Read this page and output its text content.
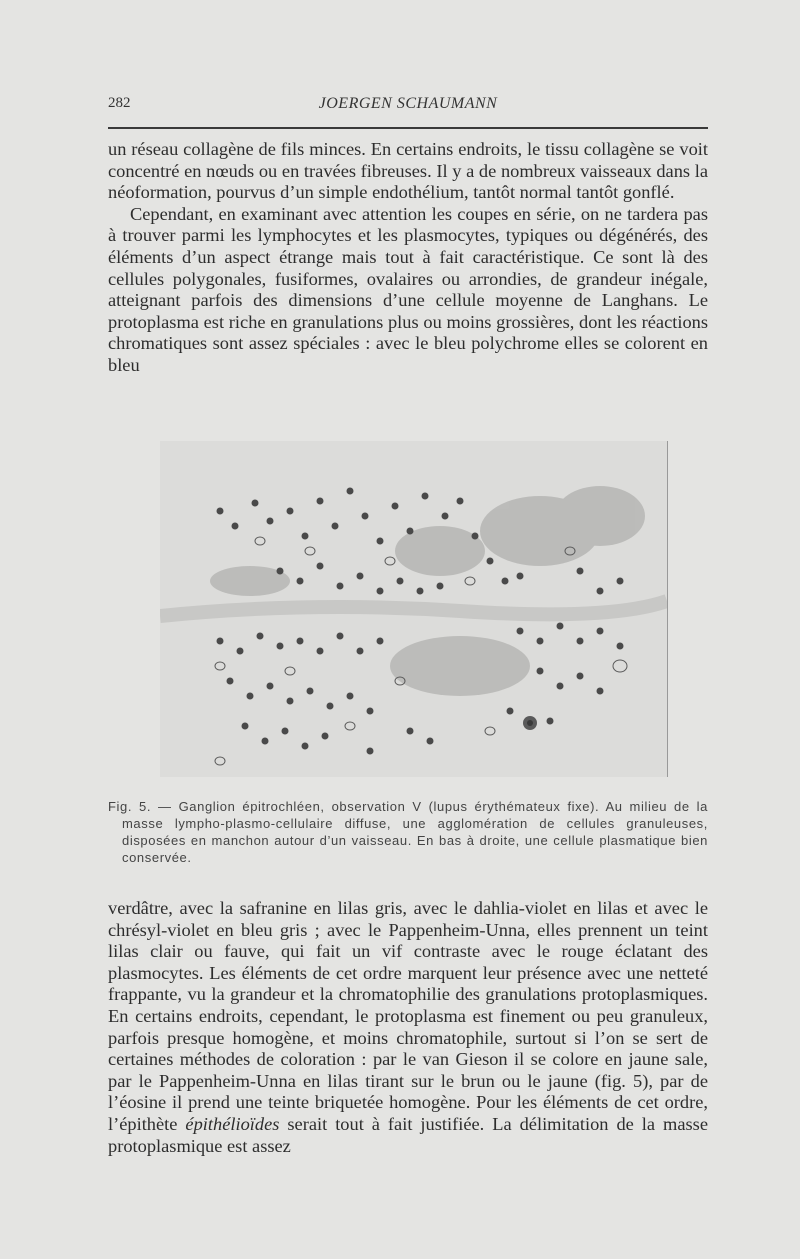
282	JOERGEN SCHAUMANN

un réseau collagène de fils minces. En certains endroits, le tissu collagène se voit concentré en nœuds ou en travées fibreuses. Il y a de nombreux vaisseaux dans la néoformation, pourvus d’un simple endothélium, tantôt normal tantôt gonflé.

Cependant, en examinant avec attention les coupes en série, on ne tardera pas à trouver parmi les lymphocytes et les plasmocytes, typiques ou dégénérés, des éléments d’un aspect étrange mais tout à fait caractéristique. Ce sont là des cellules polygonales, fusiformes, ovalaires ou arrondies, de grandeur inégale, atteignant parfois des dimensions d’une cellule moyenne de Langhans. Le protoplasma est riche en granulations plus ou moins grossières, dont les réactions chromatiques sont assez spéciales : avec le bleu polychrome elles se colorent en bleu

Fig. 5. — Ganglion épitrochléen, observation V (lupus érythémateux fixe). Au milieu de la masse lympho-plasmo-cellulaire diffuse, une agglomération de cellules granuleuses, disposées en manchon autour d’un vaisseau. En bas à droite, une cellule plasmatique bien conservée.

verdâtre, avec la safranine en lilas gris, avec le dahlia-violet en lilas et avec le chrésyl-violet en bleu gris ; avec le Pappenheim-Unna, elles prennent un teint lilas clair ou fauve, qui fait un vif contraste avec le rouge éclatant des plasmocytes. Les éléments de cet ordre marquent leur présence avec une netteté frappante, vu la grandeur et la chromatophilie des granulations protoplasmiques. En certains endroits, cependant, le protoplasma est finement ou peu granuleux, parfois presque homogène, et moins chromatophile, surtout si l’on se sert de certaines méthodes de coloration : par le van Gieson il se colore en jaune sale, par le Pappenheim-Unna en lilas tirant sur le brun ou le jaune (fig. 5), par de l’éosine il prend une teinte briquetée homogène. Pour les éléments de cet ordre, l’épithète épithélioïdes serait tout à fait justifiée. La délimitation de la masse protoplasmique est assez
